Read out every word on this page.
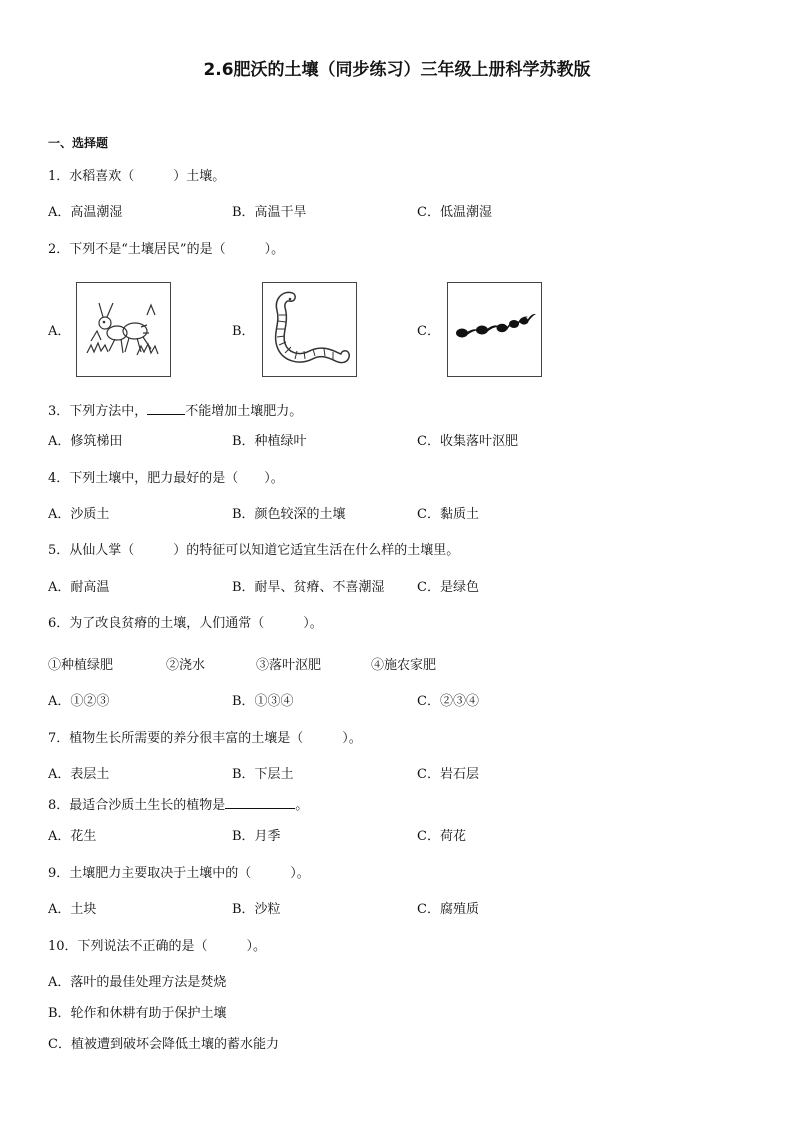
2.6肥沃的土壤（同步练习）三年级上册科学苏教版
一、选择题
1．水稻喜欢（　　　）土壤。
A．高温潮湿	B．高温干旱	C．低温潮湿
2．下列不是“土壤居民”的是（　　　）。
A．	B．	C．
3．下列方法中，	不能增加土壤肥力。
A．修筑梯田	B．种植绿叶	C．收集落叶沤肥
4．下列土壤中，肥力最好的是（　　）。
A．沙质土	B．颜色较深的土壤	C．黏质土
5．从仙人掌（　　　）的特征可以知道它适宜生活在什么样的土壤里。
A．耐高温	B．耐旱、贫瘠、不喜潮湿 C．是绿色
6．为了改良贫瘠的土壤，人们通常（　　　）。
①种植绿肥	②浇水	③落叶沤肥	④施农家肥
A．①②③	B．①③④	C．②③④
7．植物生长所需要的养分很丰富的土壤是（　　　）。
A．表层土	B．下层土	C．岩石层
8．最适合沙质土生长的植物是	。
A．花生	B．月季	C．荷花
9．土壤肥力主要取决于土壤中的（　　　）。
A．土块	B．沙粒	C．腐殖质
10．下列说法不正确的是（　　　）。
A．落叶的最佳处理方法是焚烧
B．轮作和休耕有助于保护土壤
C．植被遭到破坏会降低土壤的蓄水能力
